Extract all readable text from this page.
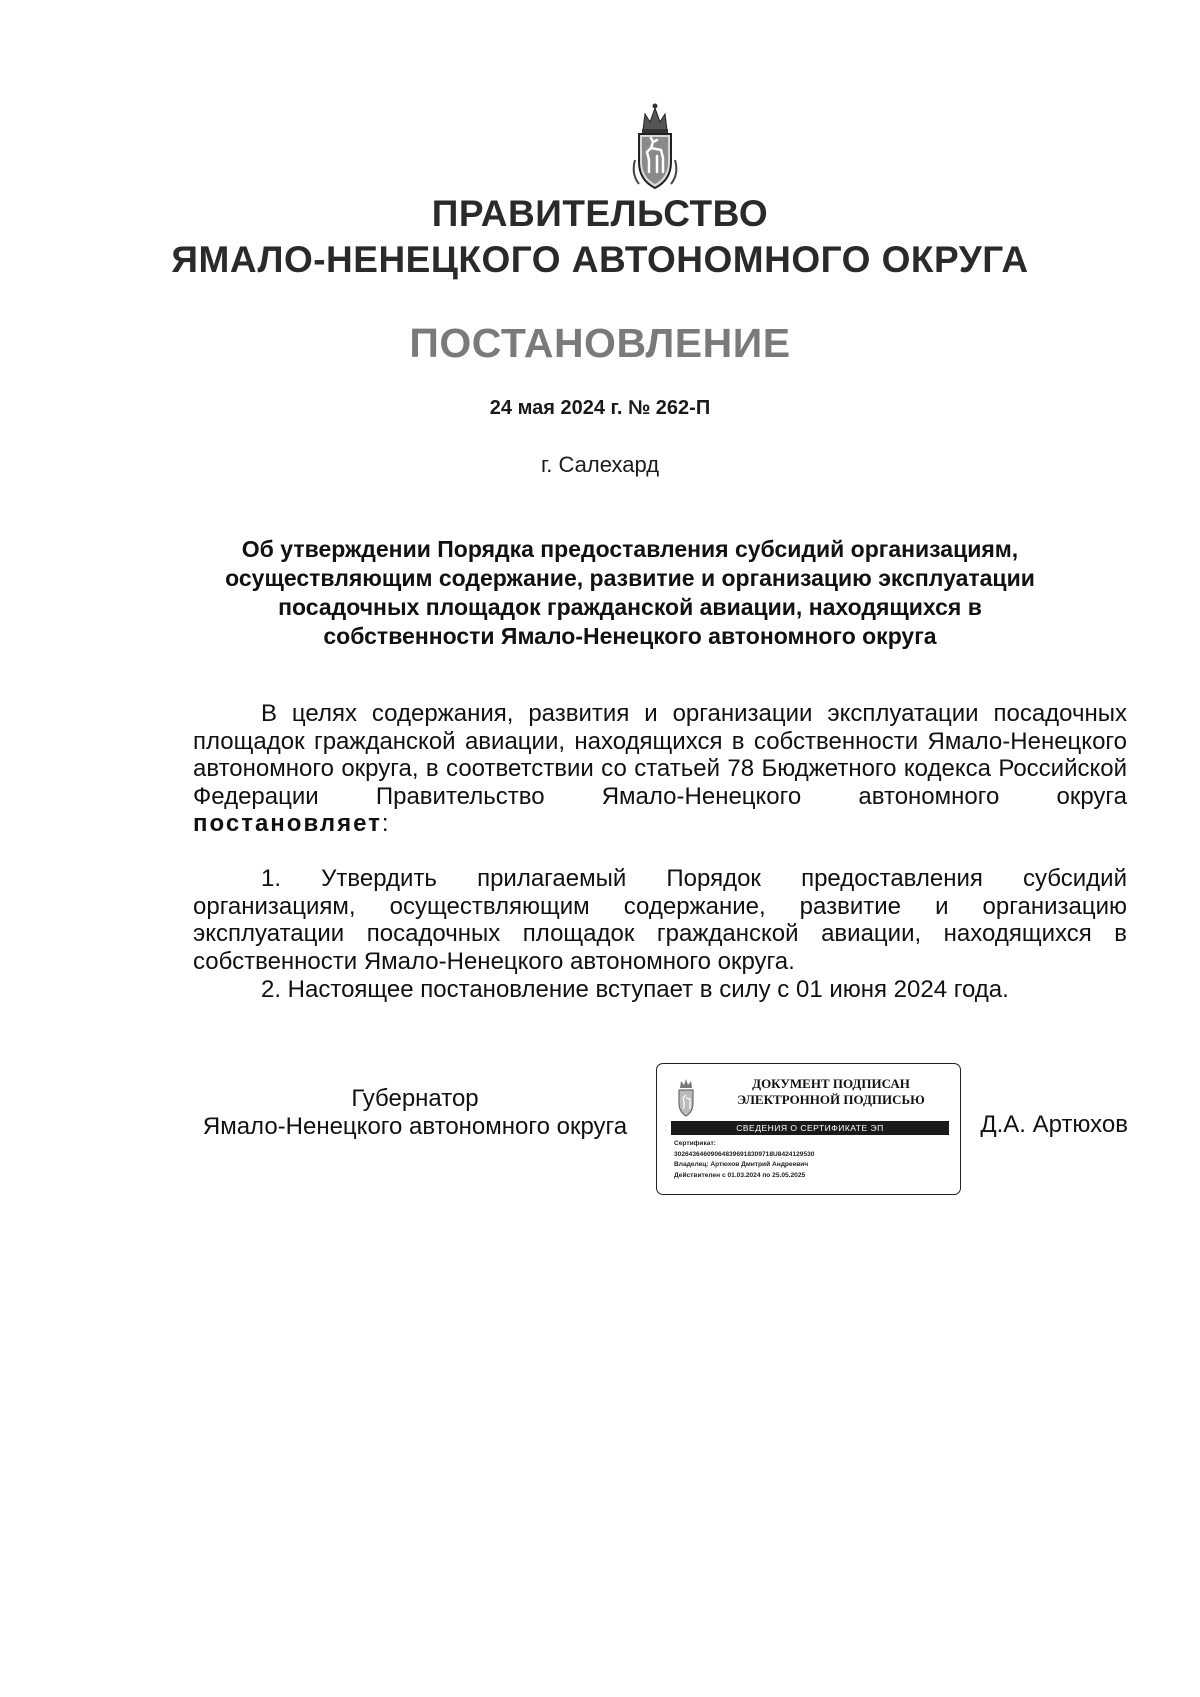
ПРАВИТЕЛЬСТВО
ЯМАЛО-НЕНЕЦКОГО АВТОНОМНОГО ОКРУГА
ПОСТАНОВЛЕНИЕ
24 мая 2024 г. № 262-П
г. Салехард
Об утверждении Порядка предоставления субсидий организациям, осуществляющим содержание, развитие и организацию эксплуатации посадочных площадок гражданской авиации, находящихся в собственности Ямало-Ненецкого автономного округа
В целях содержания, развития и организации эксплуатации посадочных площадок гражданской авиации, находящихся в собственности Ямало-Ненецкого автономного округа, в соответствии со статьей 78 Бюджетного кодекса Российской Федерации Правительство Ямало-Ненецкого автономного округа постановляет:
1. Утвердить прилагаемый Порядок предоставления субсидий организациям, осуществляющим содержание, развитие и организацию эксплуатации посадочных площадок гражданской авиации, находящихся в собственности Ямало-Ненецкого автономного округа.
2. Настоящее постановление вступает в силу с 01 июня 2024 года.
Губернатор
Ямало-Ненецкого автономного округа
ДОКУМЕНТ ПОДПИСАН
ЭЛЕКТРОННОЙ ПОДПИСЬЮ
СВЕДЕНИЯ О СЕРТИФИКАТЕ ЭП
Сертификат:
302643646090648396918309718U8424129530
Владелец: Артюхов Дмитрий Андреевич
Действителен с 01.03.2024 по 25.05.2025
Д.А. Артюхов
